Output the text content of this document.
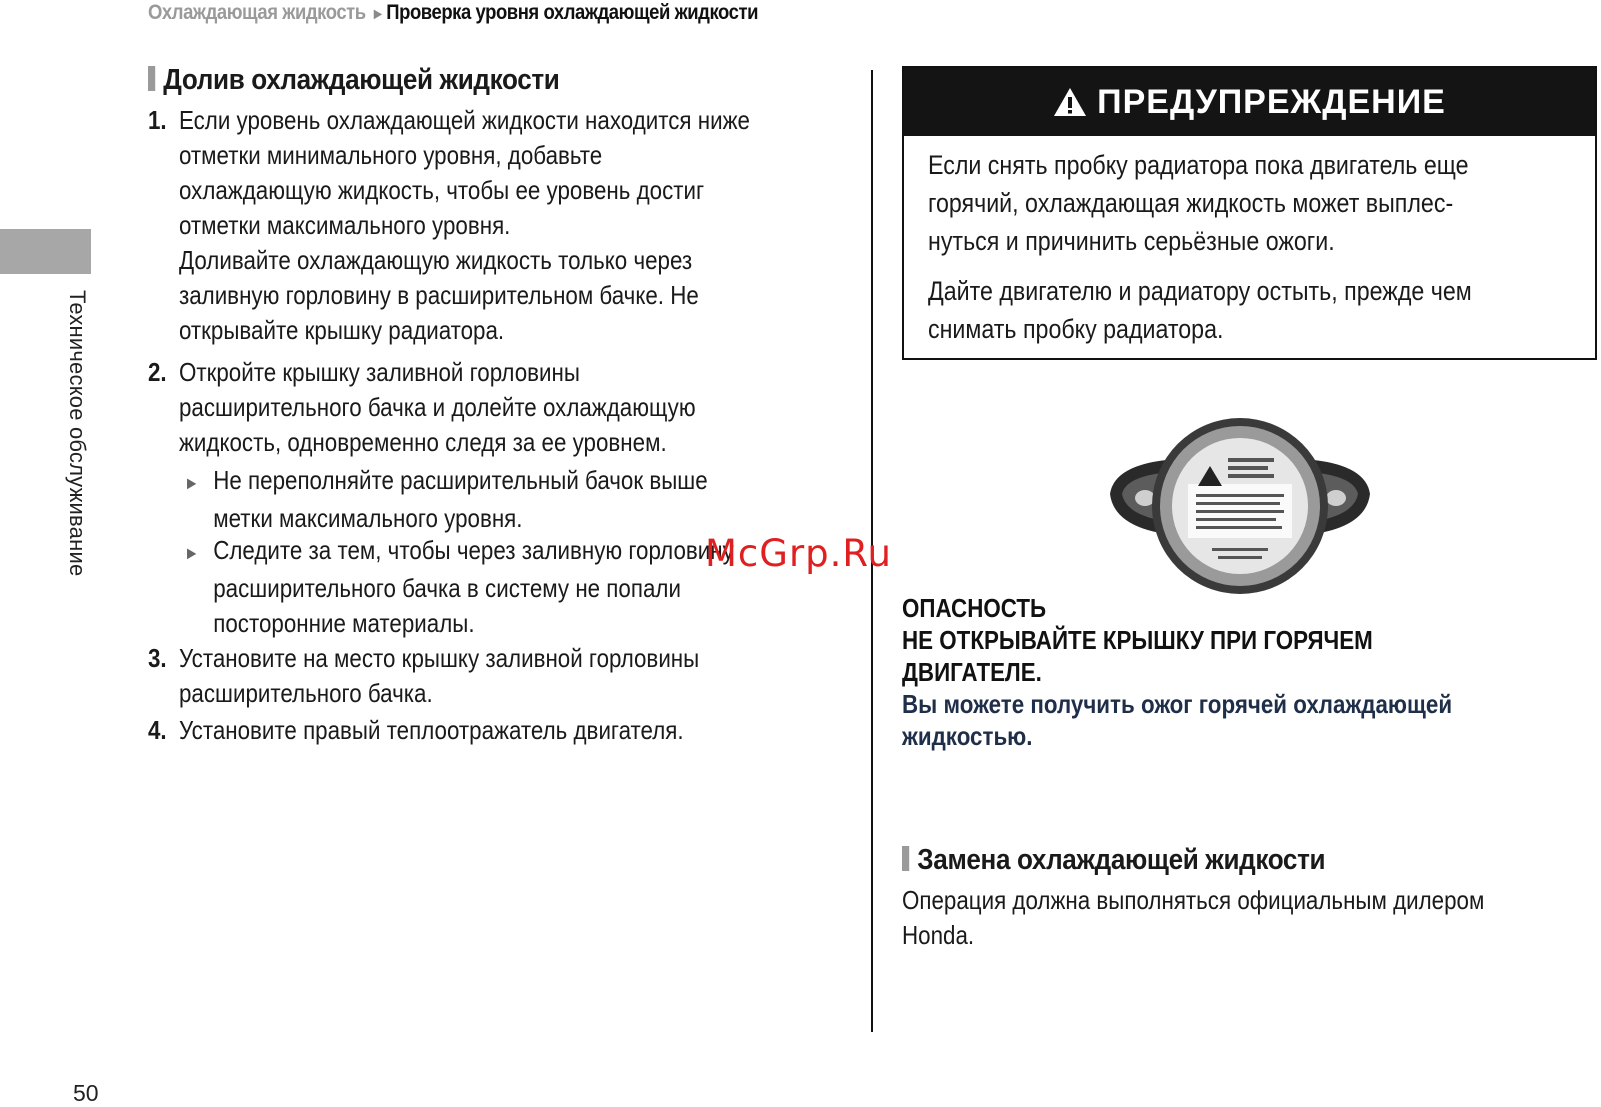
Охлаждающая жидкость ►Проверка уровня охлаждающей жидкости
Техническое обслуживание
Долив охлаждающей жидкости
1. Если уровень охлаждающей жидкости находится ниже
отметки минимального уровня, добавьте
охлаждающую жидкость, чтобы ее уровень достиг
отметки максимального уровня.
Доливайте охлаждающую жидкость только через
заливную горловину в расширительном бачке. Не
открывайте крышку радиатора.
2. Откройте крышку заливной горловины
расширительного бачка и долейте охлаждающую
жидкость, одновременно следя за ее уровнем.
► Не переполняйте расширительный бачок выше
метки максимального уровня.
► Следите за тем, чтобы через заливную горловину
расширительного бачка в систему не попали
посторонние материалы.
3. Установите на место крышку заливной горловины
расширительного бачка.
4. Установите правый теплоотражатель двигателя.
ПРЕДУПРЕЖДЕНИЕ
Если снять пробку радиатора пока двигатель еще
горячий, охлаждающая жидкость может выплес-
нуться и причинить серьёзные ожоги.
Дайте двигателю и радиатору остыть, прежде чем
снимать пробку радиатора.
ОПАСНОСТЬ
НЕ ОТКРЫВАЙТЕ КРЫШКУ ПРИ ГОРЯЧЕМ
ДВИГАТЕЛЕ.
Вы можете получить ожог горячей охлаждающей
жидкостью.
Замена охлаждающей жидкости
Операция должна выполняться официальным дилером
Honda.
McGrp.Ru
50
